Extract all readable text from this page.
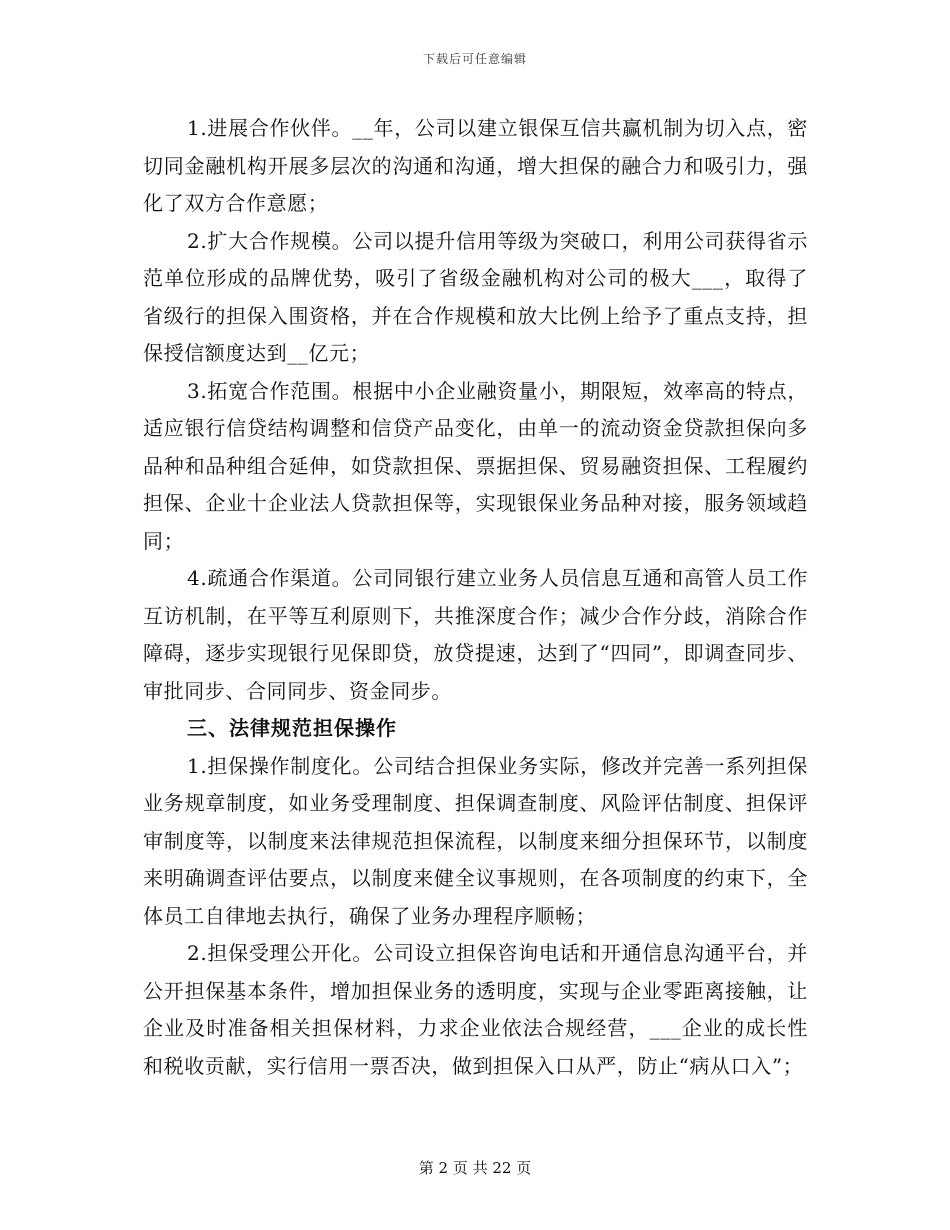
下载后可任意编辑

1.进展合作伙伴。__年，公司以建立银保互信共赢机制为切入点，密切同金融机构开展多层次的沟通和沟通，增大担保的融合力和吸引力，强化了双方合作意愿；

2.扩大合作规模。公司以提升信用等级为突破口，利用公司获得省示范单位形成的品牌优势，吸引了省级金融机构对公司的极大___，取得了省级行的担保入围资格，并在合作规模和放大比例上给予了重点支持，担保授信额度达到__亿元；

3.拓宽合作范围。根据中小企业融资量小，期限短，效率高的特点，适应银行信贷结构调整和信贷产品变化，由单一的流动资金贷款担保向多品种和品种组合延伸，如贷款担保、票据担保、贸易融资担保、工程履约担保、企业十企业法人贷款担保等，实现银保业务品种对接，服务领域趋同；

4.疏通合作渠道。公司同银行建立业务人员信息互通和高管人员工作互访机制，在平等互利原则下，共推深度合作；减少合作分歧，消除合作障碍，逐步实现银行见保即贷，放贷提速，达到了“四同”，即调查同步、审批同步、合同同步、资金同步。

三、法律规范担保操作

1.担保操作制度化。公司结合担保业务实际，修改并完善一系列担保业务规章制度，如业务受理制度、担保调查制度、风险评估制度、担保评审制度等，以制度来法律规范担保流程，以制度来细分担保环节，以制度来明确调查评估要点，以制度来健全议事规则，在各项制度的约束下，全体员工自律地去执行，确保了业务办理程序顺畅；

2.担保受理公开化。公司设立担保咨询电话和开通信息沟通平台，并公开担保基本条件，增加担保业务的透明度，实现与企业零距离接触，让企业及时准备相关担保材料，力求企业依法合规经营，___企业的成长性和税收贡献，实行信用一票否决，做到担保入口从严，防止“病从口入”；

第 2 页 共 22 页
